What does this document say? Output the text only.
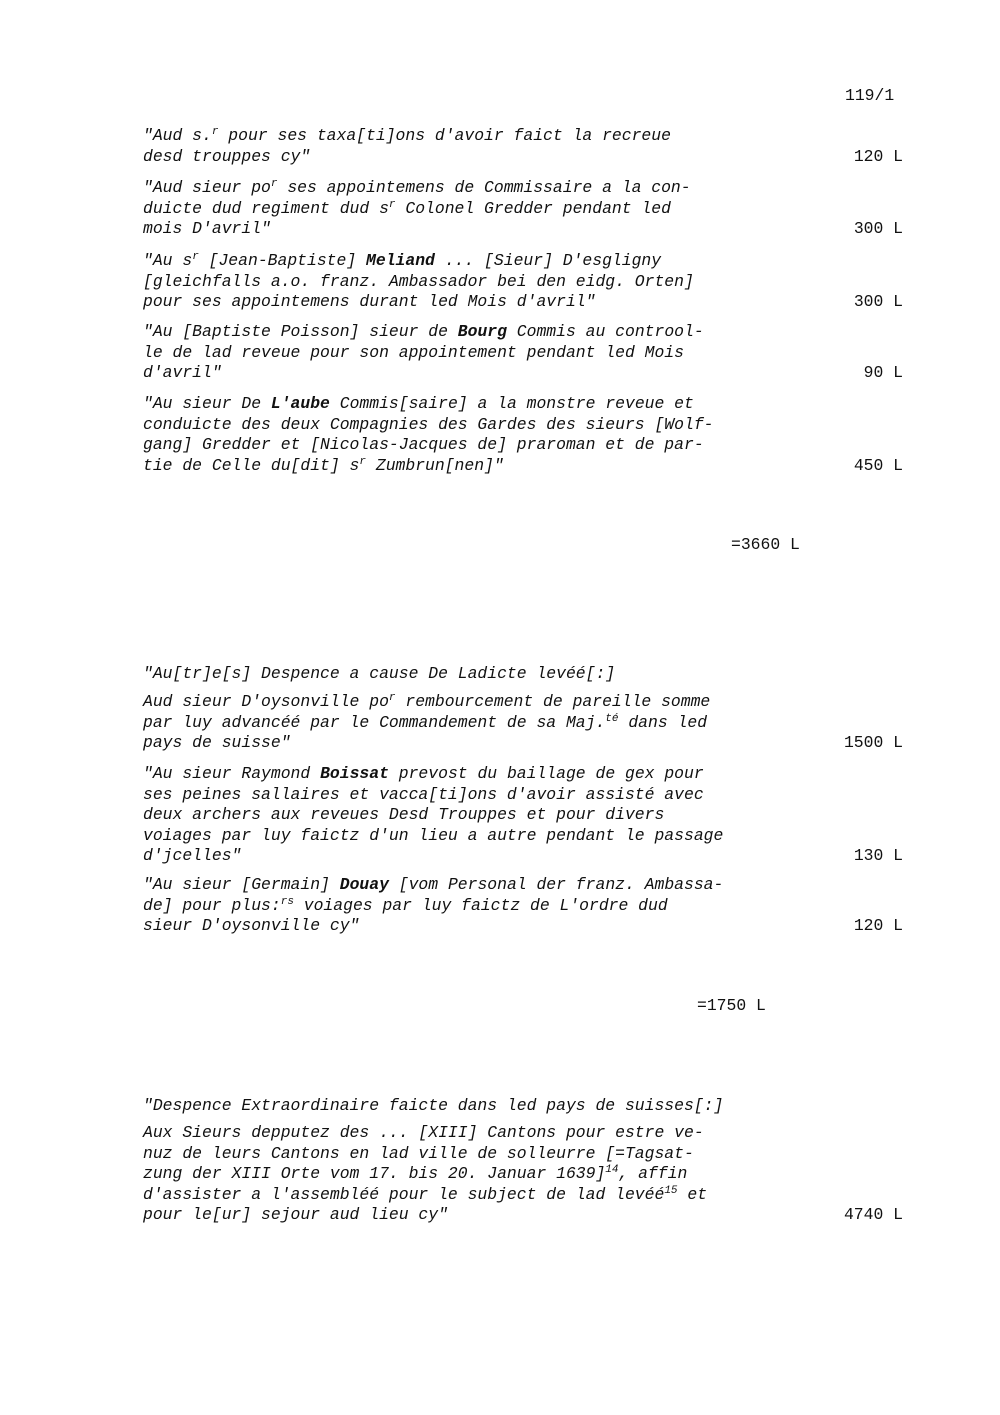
119/1
"Aud s.$^r$ pour ses taxa[ti]ons d'avoir faict la recreue
desd trouppes cy"	120 L
"Aud sieur $po^r$ ses appointemens de Commissaire a la con-
duicte dud regiment dud $s^r$ Colonel Gredder pendant led
mois D'avril"	300 L
"Au $s^r$ [Jean-Baptiste] Meliand ... [Sieur] D'esgligny
[gleichfalls a.o. franz. Ambassador bei den eidg. Orten]
pour ses appointemens durant led Mois d'avril"	300 L
"Au [Baptiste Poisson] sieur de Bourg Commis au controol-
le de lad reveue pour son appointement pendant led Mois
d'avril"	90 L
"Au sieur De L'aube Commis[saire] a la monstre reveue et
conduicte des deux Compagnies des Gardes des sieurs [Wolf-
gang] Gredder et [Nicolas-Jacques de] praroman et de par-
tie de Celle du[dit] $s^r$ Zumbrun[nen]"	450 L
=3660 L
"Au[tr]e[s] Despence a cause De Ladicte levéé[:]
Aud sieur D'oysonville $po^r$ rembourcement de pareille somme
par luy advancéé par le Commandement de sa Maj.$^{té}$ dans led
pays de suisse"	1500 L
"Au sieur Raymond Boissat prevost du baillage de gex pour
ses peines sallaires et vacca[ti]ons d'avoir assisté avec
deux archers aux reveues Desd Trouppes et pour divers
voiages par luy faictz d'un lieu a autre pendant le passage
d'jcelles"	130 L
"Au sieur [Germain] Douay [vom Personal der franz. Ambassa-
de] pour plus:$^{rs}$ voiages par luy faictz de L'ordre dud
sieur D'oysonville cy"	120 L
=1750 L
"Despence Extraordinaire faicte dans led pays de suisses[:]
Aux Sieurs depputez des ... [XIII] Cantons pour estre ve-
nuz de leurs Cantons en lad ville de solleurre [=Tagsat-
zung der XIII Orte vom 17. bis 20. Januar 1639]$^{14}$, affin
d'assister a l'assembléé pour le subject de lad levéé$^{15}$ et
pour le[ur] sejour aud lieu cy"	4740 L
